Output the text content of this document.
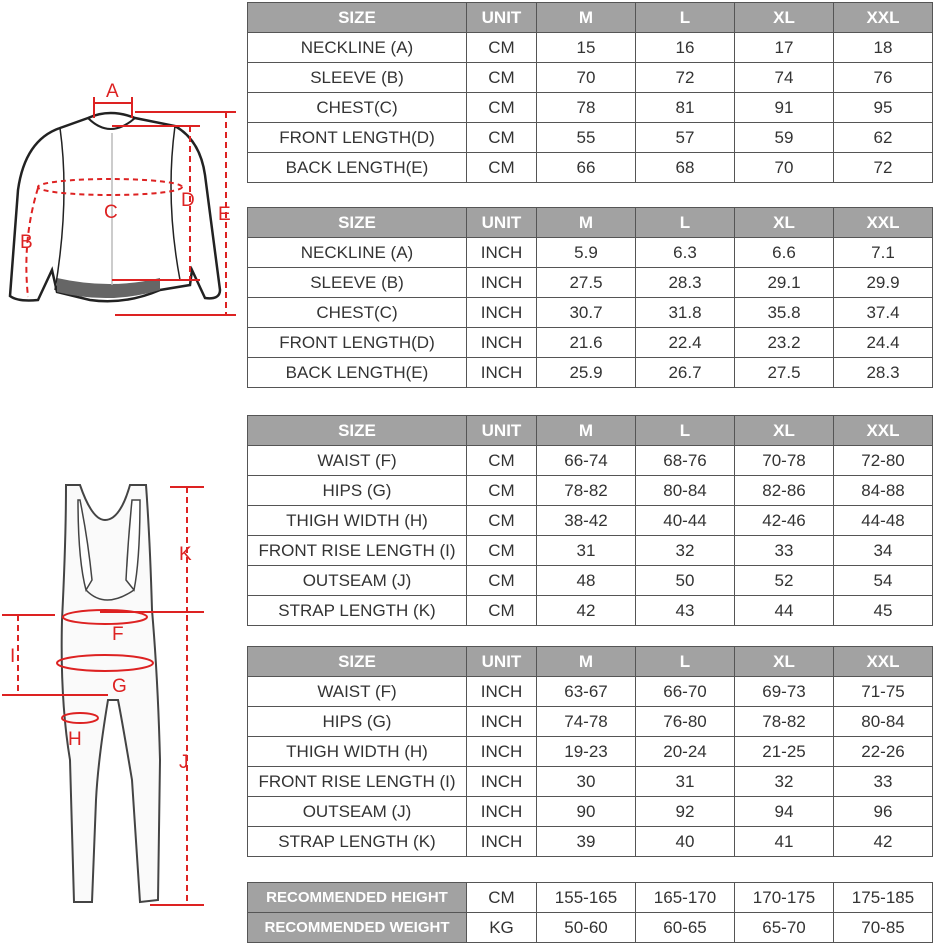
A
C
B
D
E
K
F
I
G
H
J
SIZE	UNIT	M	L	XL	XXL
NECKLINE (A)	CM	15	16	17	18
SLEEVE (B)	CM	70	72	74	76
CHEST(C)	CM	78	81	91	95
FRONT LENGTH(D)	CM	55	57	59	62
BACK LENGTH(E)	CM	66	68	70	72
SIZE	UNIT	M	L	XL	XXL
NECKLINE (A)	INCH	5.9	6.3	6.6	7.1
SLEEVE (B)	INCH	27.5	28.3	29.1	29.9
CHEST(C)	INCH	30.7	31.8	35.8	37.4
FRONT LENGTH(D)	INCH	21.6	22.4	23.2	24.4
BACK LENGTH(E)	INCH	25.9	26.7	27.5	28.3
SIZE	UNIT	M	L	XL	XXL
WAIST (F)	CM	66-74	68-76	70-78	72-80
HIPS (G)	CM	78-82	80-84	82-86	84-88
THIGH WIDTH (H)	CM	38-42	40-44	42-46	44-48
FRONT RISE LENGTH (I)	CM	31	32	33	34
OUTSEAM (J)	CM	48	50	52	54
STRAP LENGTH (K)	CM	42	43	44	45
SIZE	UNIT	M	L	XL	XXL
WAIST (F)	INCH	63-67	66-70	69-73	71-75
HIPS (G)	INCH	74-78	76-80	78-82	80-84
THIGH WIDTH (H)	INCH	19-23	20-24	21-25	22-26
FRONT RISE LENGTH (I)	INCH	30	31	32	33
OUTSEAM (J)	INCH	90	92	94	96
STRAP LENGTH (K)	INCH	39	40	41	42
RECOMMENDED HEIGHT	CM	155-165	165-170	170-175	175-185
RECOMMENDED WEIGHT	KG	50-60	60-65	65-70	70-85
